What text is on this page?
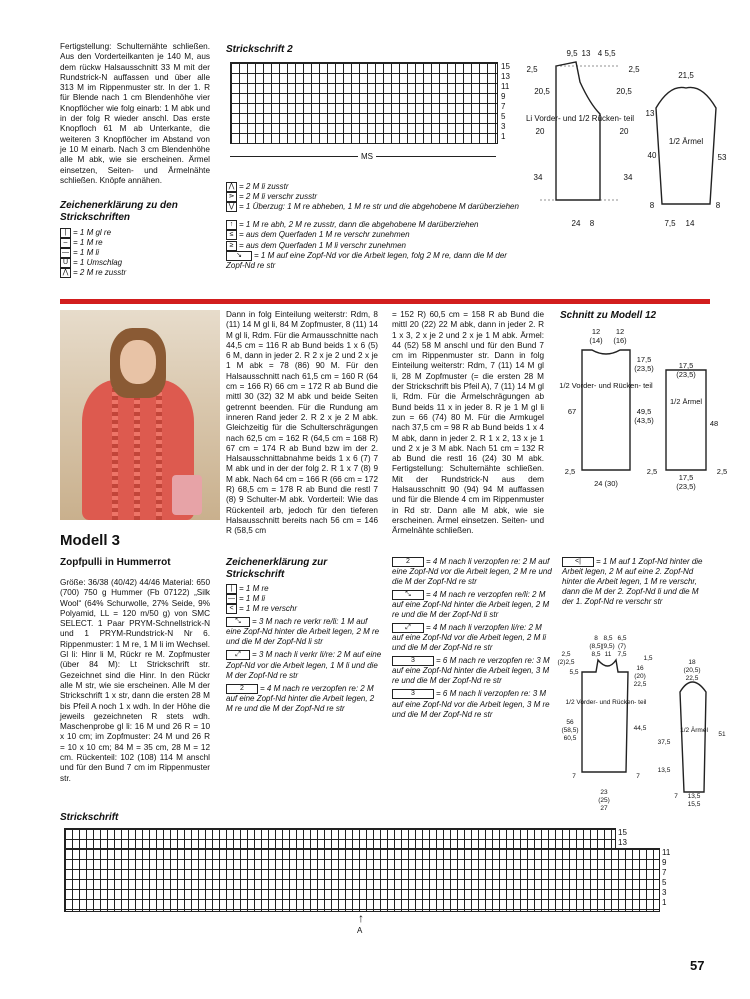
Fertigstellung: Schulternähte schließen. Aus den Vorderteilkanten je 140 M, aus dem rückw Halsausschnitt 33 M mit der Rundstrick-N auffassen und über alle 313 M im Rippenmuster str. In der 1. R für Blende nach 1 cm Blendenhöhe vier Knopflöcher wie folg einarb: 1 M abk und in der folg R wieder anschl. Das erste Knopfloch 61 M ab Unterkante, die weiteren 3 Knopflöcher im Abstand von je 10 M einarb. Nach 3 cm Blendenhöhe alle M abk, wie sie erscheinen. Ärmel einsetzen, Seiten- und Ärmelnähte schließen. Knöpfe annähen.
Zeichenerklärung zu den Strickschriften
| = 1 M gl re
– = 1 M re
— = 1 M li
U = 1 Umschlag
⋀ = 2 M re zusstr
Strickschrift 2
15
13
11
9
7
5
3
1
MS
⋀ = 2 M li zusstr
⋗ = 2 M li verschr zusstr
⋁ = 1 Überzug: 1 M re abheben, 1 M re str und die abgehobene M darüberziehen
↑ = 1 M re abh, 2 M re zusstr, dann die abgehobene M darüberziehen
≤ = aus dem Querfaden 1 M re verschr zunehmen
≥ = aus dem Querfaden 1 M li verschr zunehmen
↘ = 1 M auf eine Zopf-Nd vor die Arbeit legen, folg 2 M re, dann die M der Zopf-Nd re str
9,5 13 4 5,5
2,5	2,5
20,5	20,5
Li Vorder- und 1/2 Rücken- teil
20	20
34	34
24 8
13
21,5
1/2 Ärmel
40	53
8	8
7,5 14
Modell 3
Zopfpulli in Hummerrot
Größe: 36/38 (40/42) 44/46 Material: 650 (700) 750 g Hummer (Fb 07122) „Silk Wool“ (64% Schurwolle, 27% Seide, 9% Polyamid, LL = 120 m/50 g) von SMC SELECT. 1 Paar PRYM-Schnellstrick-N und 1 PRYM-Rundstrick-N Nr 6. Rippenmuster: 1 M re, 1 M li im Wechsel. Gl li: Hinr li M, Rückr re M. Zopfmuster (über 84 M): Lt Strickschrift str. Gezeichnet sind die Hinr. In den Rückr alle M str, wie sie erscheinen. Alle M der Strickschrift 1 x str, dann die ersten 28 M bis Pfeil A noch 1 x wdh. In der Höhe die jeweils gezeichneten R stets wdh. Maschenprobe gl li: 16 M und 26 R = 10 x 10 cm; im Zopfmuster: 24 M und 26 R = 10 x 10 cm; 84 M = 35 cm, 28 M = 12 cm. Rückenteil: 102 (108) 114 M anschl und für den Bund 7 cm im Rippenmuster str.
Dann in folg Einteilung weiterstr: Rdm, 8 (11) 14 M gl li, 84 M Zopfmuster, 8 (11) 14 M gl li, Rdm. Für die Armausschnitte nach 44,5 cm = 116 R ab Bund beids 1 x 6 (5) 6 M, dann in jeder 2. R 2 x je 2 und 2 x je 1 M abk = 78 (86) 90 M. Für den Halsausschnitt nach 61,5 cm = 160 R (64 cm = 166 R) 66 cm = 172 R ab Bund die mittl 30 (32) 32 M abk und beide Seiten getrennt beenden. Für die Rundung am inneren Rand jeder 2. R 2 x je 2 M abk. Gleichzeitig für die Schulterschrägungen nach 62,5 cm = 162 R (64,5 cm = 168 R) 67 cm = 174 R ab Bund bzw im der 2. Halsausschnittabnahme beids 1 x 6 (7) 7 M abk und in der der folg 2. R 1 x 7 (8) 9 M abk. Nach 64 cm = 166 R (66 cm = 172 R) 68,5 cm = 178 R ab Bund die restl 7 (8) 9 Schulter-M abk. Vorderteil: Wie das Rückenteil arb, jedoch für den tieferen Halsausschnitt bereits nach 56 cm = 146 R (58,5 cm
= 152 R) 60,5 cm = 158 R ab Bund die mittl 20 (22) 22 M abk, dann in jeder 2. R 1 x 3, 2 x je 2 und 2 x je 1 M abk. Ärmel: 44 (52) 58 M anschl und für den Bund 7 cm im Rippenmuster str. Dann in folg Einteilung weiterstr: Rdm, 7 (11) 14 M gl li, 28 M Zopfmuster (= die ersten 28 M der Strickschrift bis Pfeil A), 7 (11) 14 M gl li, Rdm. Für die Ärmelschrägungen ab Bund beids 11 x in jeder 8. R je 1 M gl li zun = 66 (74) 80 M. Für die Armkugel nach 37,5 cm = 98 R ab Bund beids 1 x 4 M abk, dann in jeder 2. R 1 x 2, 13 x je 1 und 2 x je 3 M abk. Nach 51 cm = 132 R ab Bund die restl 16 (24) 30 M abk. Fertigstellung: Schulternähte schließen. Mit der Rundstrick-N aus dem Halsausschnitt 90 (94) 94 M auffassen und für die Blende 4 cm im Rippenmuster in Rd str. Dann alle M abk, wie sie erscheinen. Ärmel einsetzen. Seiten- und Ärmelnähte schließen.
Schnitt zu Modell 12
12
(14)
12
(16)
17,5
(23,5)	17,5
(23,5)
1/2 Vorder- und Rücken- teil
1/2 Ärmel
67	49,5
(43,5)	48
2,5	2,5
24 (30)
17,5
(23,5)
2,5
Zeichenerklärung zur Strickschrift
| = 1 M re
— = 1 M li
< = 1 M re verschr
⤡ = 3 M nach re verkr re/li: 1 M auf eine Zopf-Nd hinter die Arbeit legen, 2 M re und die M der Zopf-Nd li str
⤢ = 3 M nach li verkr li/re: 2 M auf eine Zopf-Nd vor die Arbeit legen, 1 M li und die M der Zopf-Nd re str
2 = 4 M nach re verzopfen re: 2 M auf eine Zopf-Nd hinter die Arbeit legen, 2 M re und die M der Zopf-Nd re str
2 = 4 M nach li verzopfen re: 2 M auf eine Zopf-Nd vor die Arbeit legen, 2 M re und die M der Zopf-Nd re str
⤡ = 4 M nach re verzopfen re/li: 2 M auf eine Zopf-Nd hinter die Arbeit legen, 2 M re und die M der Zopf-Nd li str
⤢ = 4 M nach li verzopfen li/re: 2 M auf eine Zopf-Nd vor die Arbeit legen, 2 M li und die M der Zopf-Nd re str
3	= 6 M nach re verzopfen re: 3 M auf eine Zopf-Nd hinter die Arbeit legen, 3 M re und die M der Zopf-Nd re str
3	= 6 M nach li verzopfen re: 3 M auf eine Zopf-Nd vor die Arbeit legen, 3 M re und die M der Zopf-Nd re str
<| = 1 M auf 1 Zopf-Nd hinter die Arbeit legen, 2 M auf eine 2. Zopf-Nd hinter die Arbeit legen, 1 M re verschr, dann die M der 2. Zopf-Nd li und die M der 1. Zopf-Nd re verschr str
8 8,5 6,5
(8,5)
(9,5) (7)
8,5 11 7,5
2,5
(2)2,5
5,5
1,5
16
(20)
22,5
18
(20,5)
22,5
1/2 Vorder- und Rücken- teil
1/2 Ärmel
56
(58,5)
60,5
44,5
37,5
51
13,5
7	7
23
(25)
27
7 13,5
15,5
Strickschrift
15
13
11
9
7
5
3
1
↑
A
57
